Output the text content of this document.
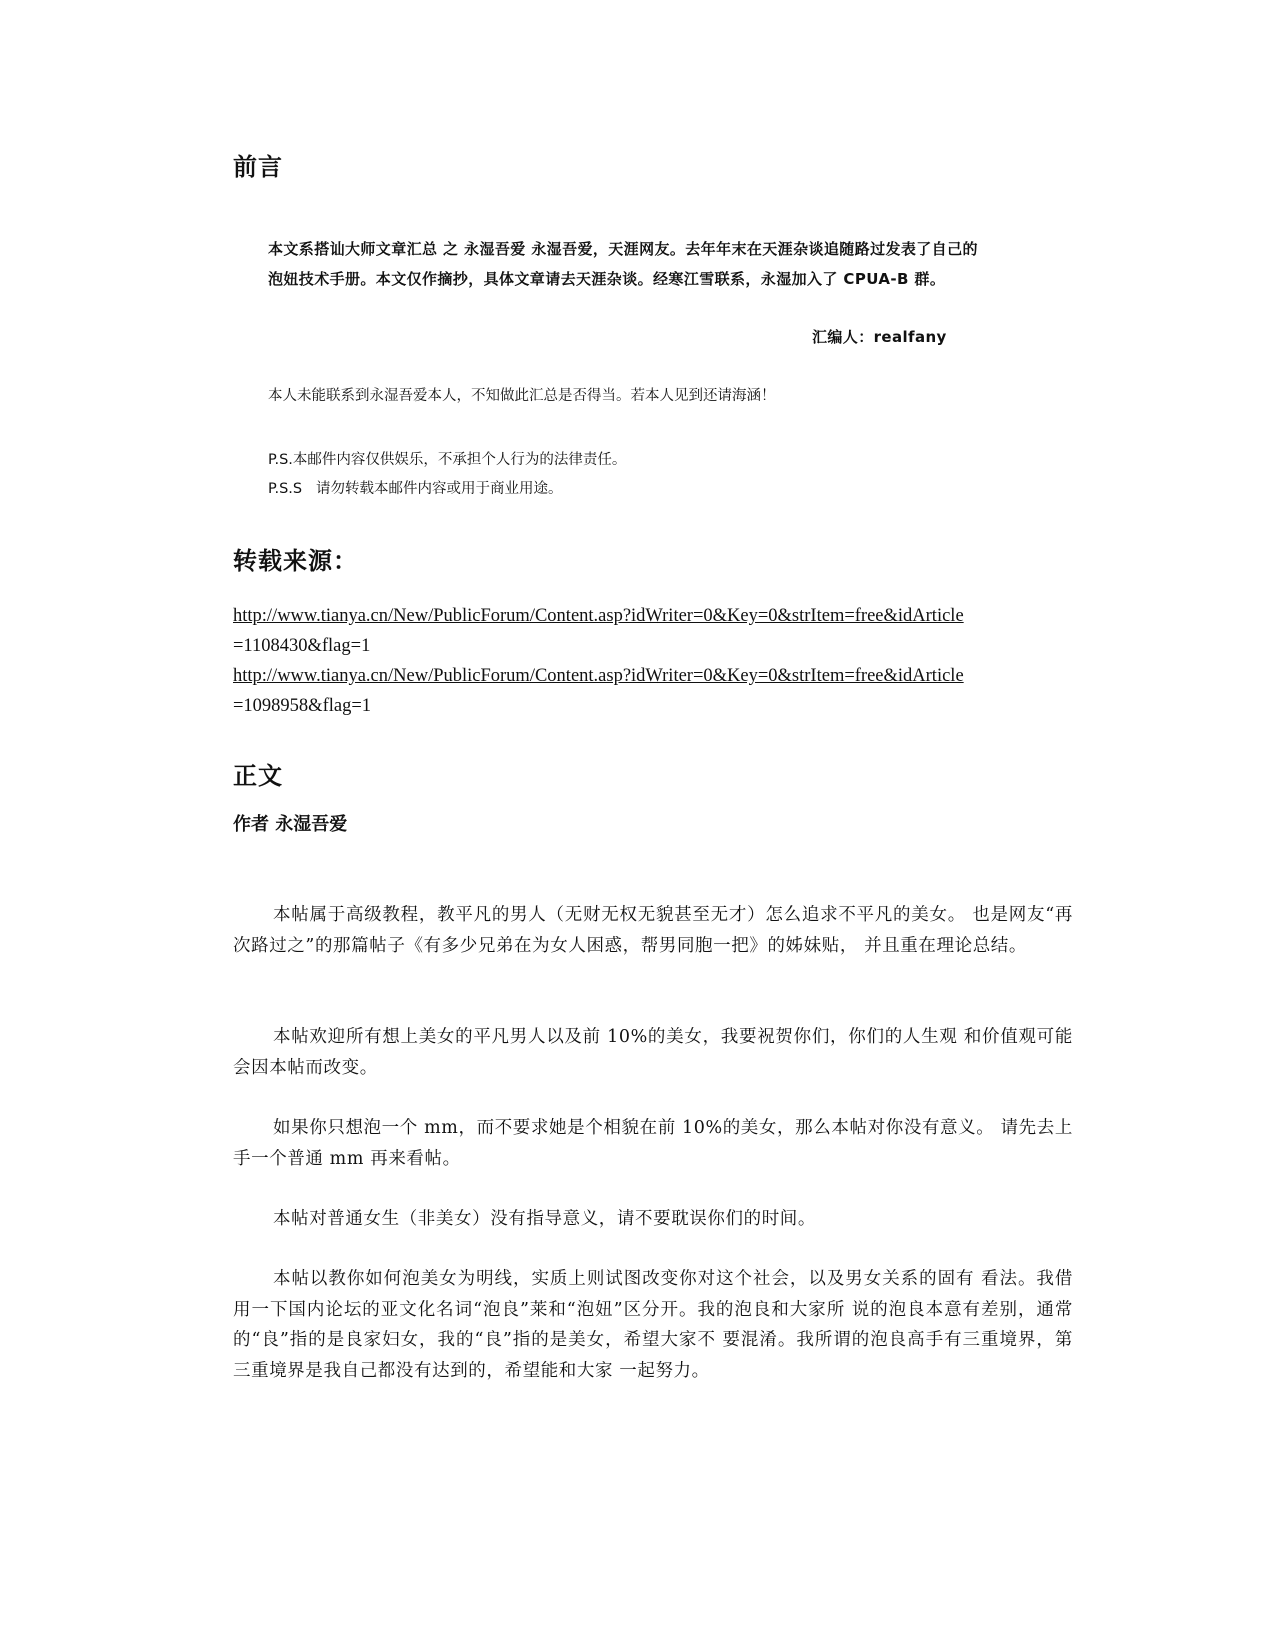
前言
本文系搭讪大师文章汇总 之 永湿吾爱 永湿吾爱，天涯网友。去年年末在天涯杂谈追随路过发表了自己的
泡妞技术手册。本文仅作摘抄，具体文章请去天涯杂谈。经寒江雪联系，永湿加入了 CPUA-B 群。
汇编人：realfany
本人未能联系到永湿吾爱本人，不知做此汇总是否得当。若本人见到还请海涵！
P.S.本邮件内容仅供娱乐，不承担个人行为的法律责任。
P.S.S 请勿转载本邮件内容或用于商业用途。
转载来源：
http://www.tianya.cn/New/PublicForum/Content.asp?idWriter=0&Key=0&strItem=free&idArticle
=1108430&flag=1
http://www.tianya.cn/New/PublicForum/Content.asp?idWriter=0&Key=0&strItem=free&idArticle
=1098958&flag=1
正文
作者 永湿吾爱

本帖属于高级教程，教平凡的男人（无财无权无貌甚至无才）怎么追求不平凡的美女。 也是网友“再次路过之”的那篇帖子《有多少兄弟在为女人困惑，帮男同胞一把》的姊妹贴， 并且重在理论总结。

本帖欢迎所有想上美女的平凡男人以及前 10%的美女，我要祝贺你们，你们的人生观 和价值观可能会因本帖而改变。

如果你只想泡一个 mm，而不要求她是个相貌在前 10%的美女，那么本帖对你没有意义。 请先去上手一个普通 mm 再来看帖。

本帖对普通女生（非美女）没有指导意义，请不要耽误你们的时间。

本帖以教你如何泡美女为明线，实质上则试图改变你对这个社会，以及男女关系的固有 看法。我借用一下国内论坛的亚文化名词“泡良”莱和“泡妞”区分开。我的泡良和大家所 说的泡良本意有差别，通常的“良”指的是良家妇女，我的“良”指的是美女，希望大家不 要混淆。我所谓的泡良高手有三重境界，第三重境界是我自己都没有达到的，希望能和大家 一起努力。
